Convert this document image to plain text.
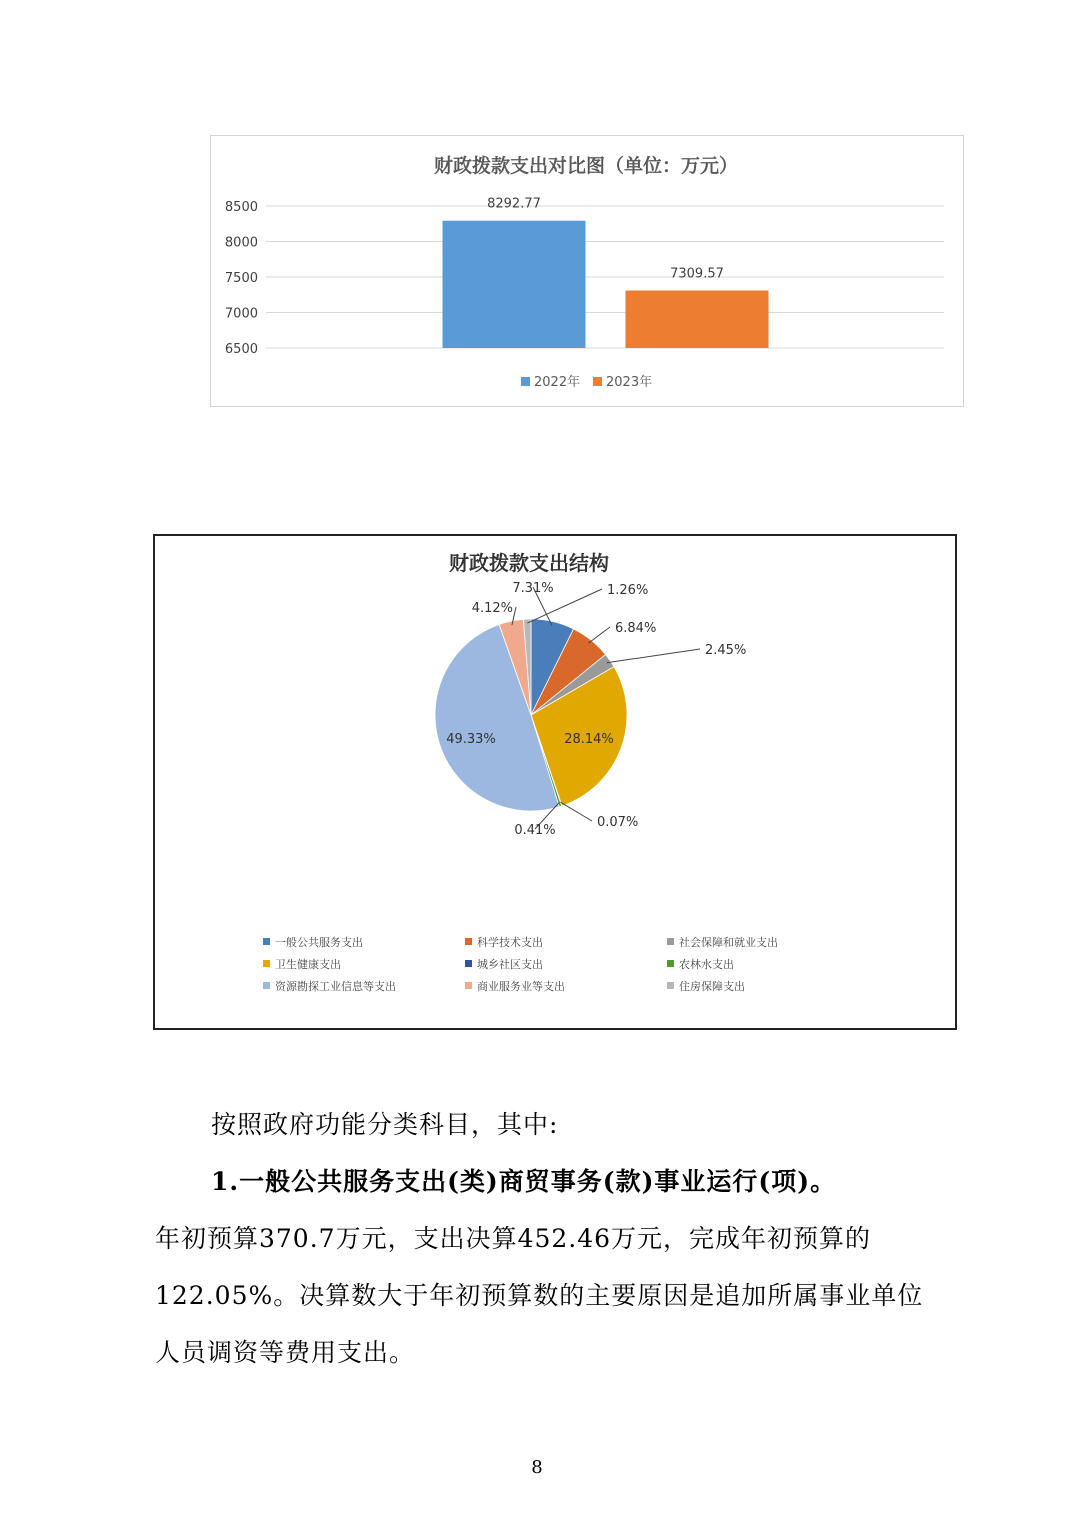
财政拨款支出对比图（单位：万元）
8500
8000
7500
7000
6500
8292.77
7309.57
2022年 2023年
财政拨款支出结构
7.31%
6.84%
2.45%
28.14%
0.07%
0.41%
49.33%
4.12%
1.26%
一般公共服务支出	科学技术支出	社会保障和就业支出
卫生健康支出	城乡社区支出	农林水支出
资源勘探工业信息等支出	商业服务业等支出	住房保障支出

按照政府功能分类科目，其中:

1.一般公共服务支出(类)商贸事务(款)事业运行(项)。

年初预算370.7万元，支出决算452.46万元，完成年初预算的122.05%。决算数大于年初预算数的主要原因是追加所属事业单位人员调资等费用支出。

8
